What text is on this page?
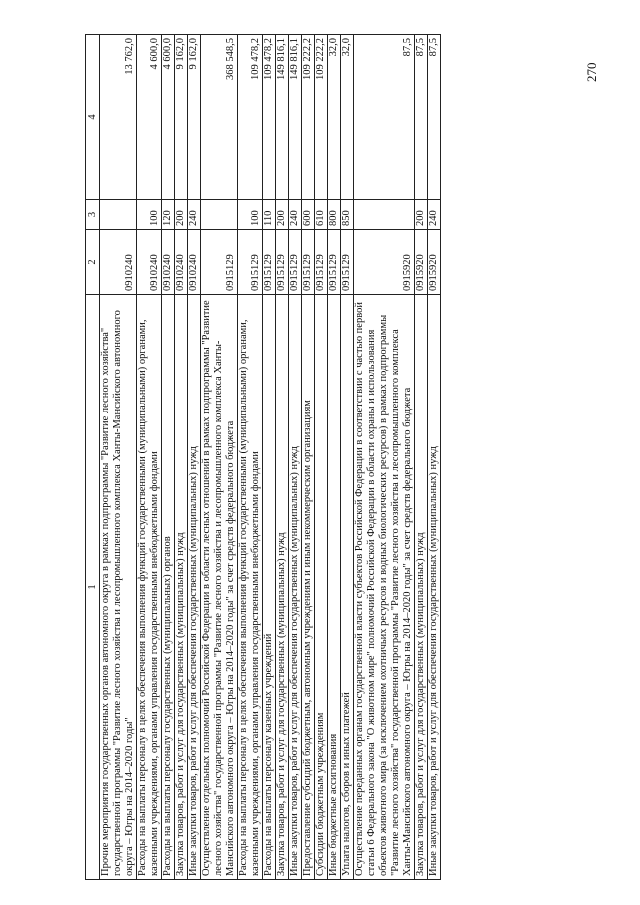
270
1	2	3	4
Прочие мероприятия государственных органов автономного округа в рамках подпрограммы "Развитие лесного хозяйства" государственной программы "Развитие лесного хозяйства и лесопромышленного комплекса Ханты-Мансийского автономного округа – Югры на 2014–2020 годы"	0910240		13 762,0
Расходы на выплаты персоналу в целях обеспечения выполнения функций государственными (муниципальными) органами, казенными учреждениями, органами управления государственными внебюджетными фондами	0910240	100	4 600,0
Расходы на выплаты персоналу государственных (муниципальных) органов	0910240	120	4 600,0
Закупка товаров, работ и услуг для государственных (муниципальных) нужд	0910240	200	9 162,0
Иные закупки товаров, работ и услуг для обеспечения государственных (муниципальных) нужд	0910240	240	9 162,0
Осуществление отдельных полномочий Российской Федерации в области лесных отношений в рамках подпрограммы "Развитие лесного хозяйства" государственной программы "Развитие лесного хозяйства и лесопромышленного комплекса Ханты-Мансийского автономного округа – Югры на 2014–2020 годы" за счет средств федерального бюджета	0915129		368 548,5
Расходы на выплаты персоналу в целях обеспечения выполнения функций государственными (муниципальными) органами, казенными учреждениями, органами управления государственными внебюджетными фондами	0915129	100	109 478,2
Расходы на выплаты персоналу казенных учреждений	0915129	110	109 478,2
Закупка товаров, работ и услуг для государственных (муниципальных) нужд	0915129	200	149 816,1
Иные закупки товаров, работ и услуг для обеспечения государственных (муниципальных) нужд	0915129	240	149 816,1
Предоставление субсидий бюджетным, автономным учреждениям и иным некоммерческим организациям	0915129	600	109 222,2
Субсидии бюджетным учреждениям	0915129	610	109 222,2
Иные бюджетные ассигнования	0915129	800	32,0
Уплата налогов, сборов и иных платежей	0915129	850	32,0
Осуществление переданных органам государственной власти субъектов Российской Федерации в соответствии с частью первой статьи 6 Федерального закона "О животном мире" полномочий Российской Федерации в области охраны и использования объектов животного мира (за исключением охотничьих ресурсов и водных биологических ресурсов) в рамках подпрограммы "Развитие лесного хозяйства" государственной программы "Развитие лесного хозяйства и лесопромышленного комплекса Ханты-Мансийского автономного округа – Югры на 2014–2020 годы" за счет средств федерального бюджета	0915920		87,5
Закупка товаров, работ и услуг для государственных (муниципальных) нужд	0915920	200	87,5
Иные закупки товаров, работ и услуг для обеспечения государственных (муниципальных) нужд	0915920	240	87,5
